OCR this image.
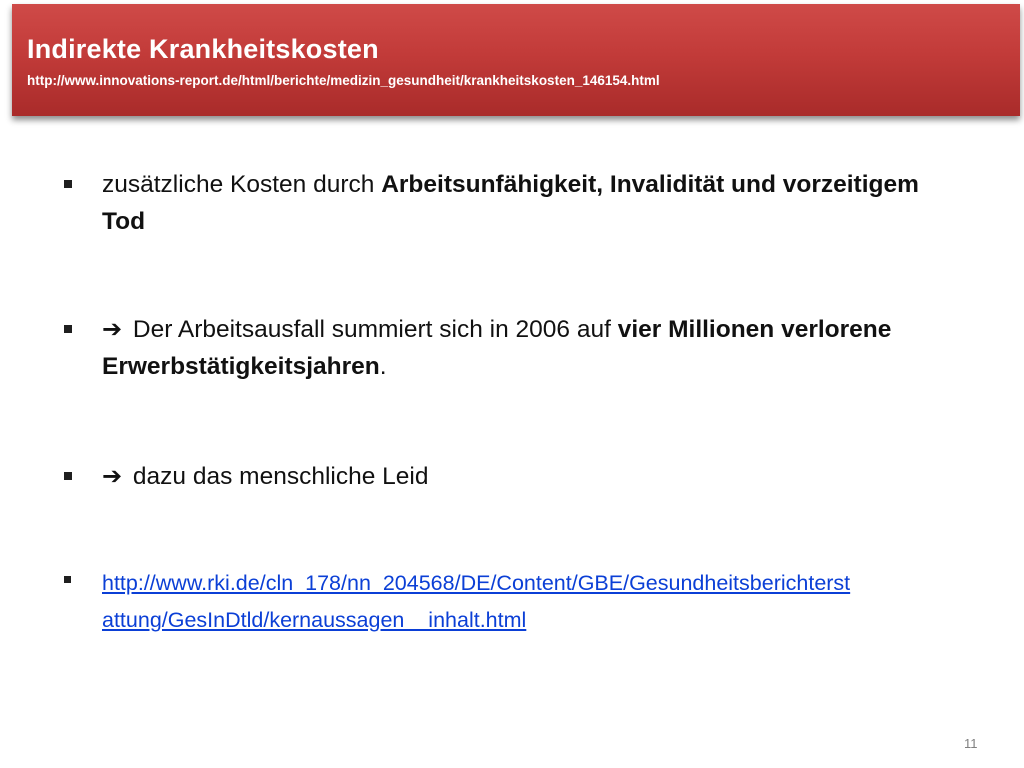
Indirekte Krankheitskosten
http://www.innovations-report.de/html/berichte/medizin_gesundheit/krankheitskosten_146154.html
zusätzliche Kosten durch Arbeitsunfähigkeit, Invalidität und vorzeitigem Tod
➔ Der Arbeitsausfall summiert sich in 2006 auf vier Millionen verlorene Erwerbstätigkeitsjahren.
➔ dazu das menschliche Leid
http://www.rki.de/cln_178/nn_204568/DE/Content/GBE/Gesundheitsberichterst
attung/GesInDtld/kernaussagen__inhalt.html
11
